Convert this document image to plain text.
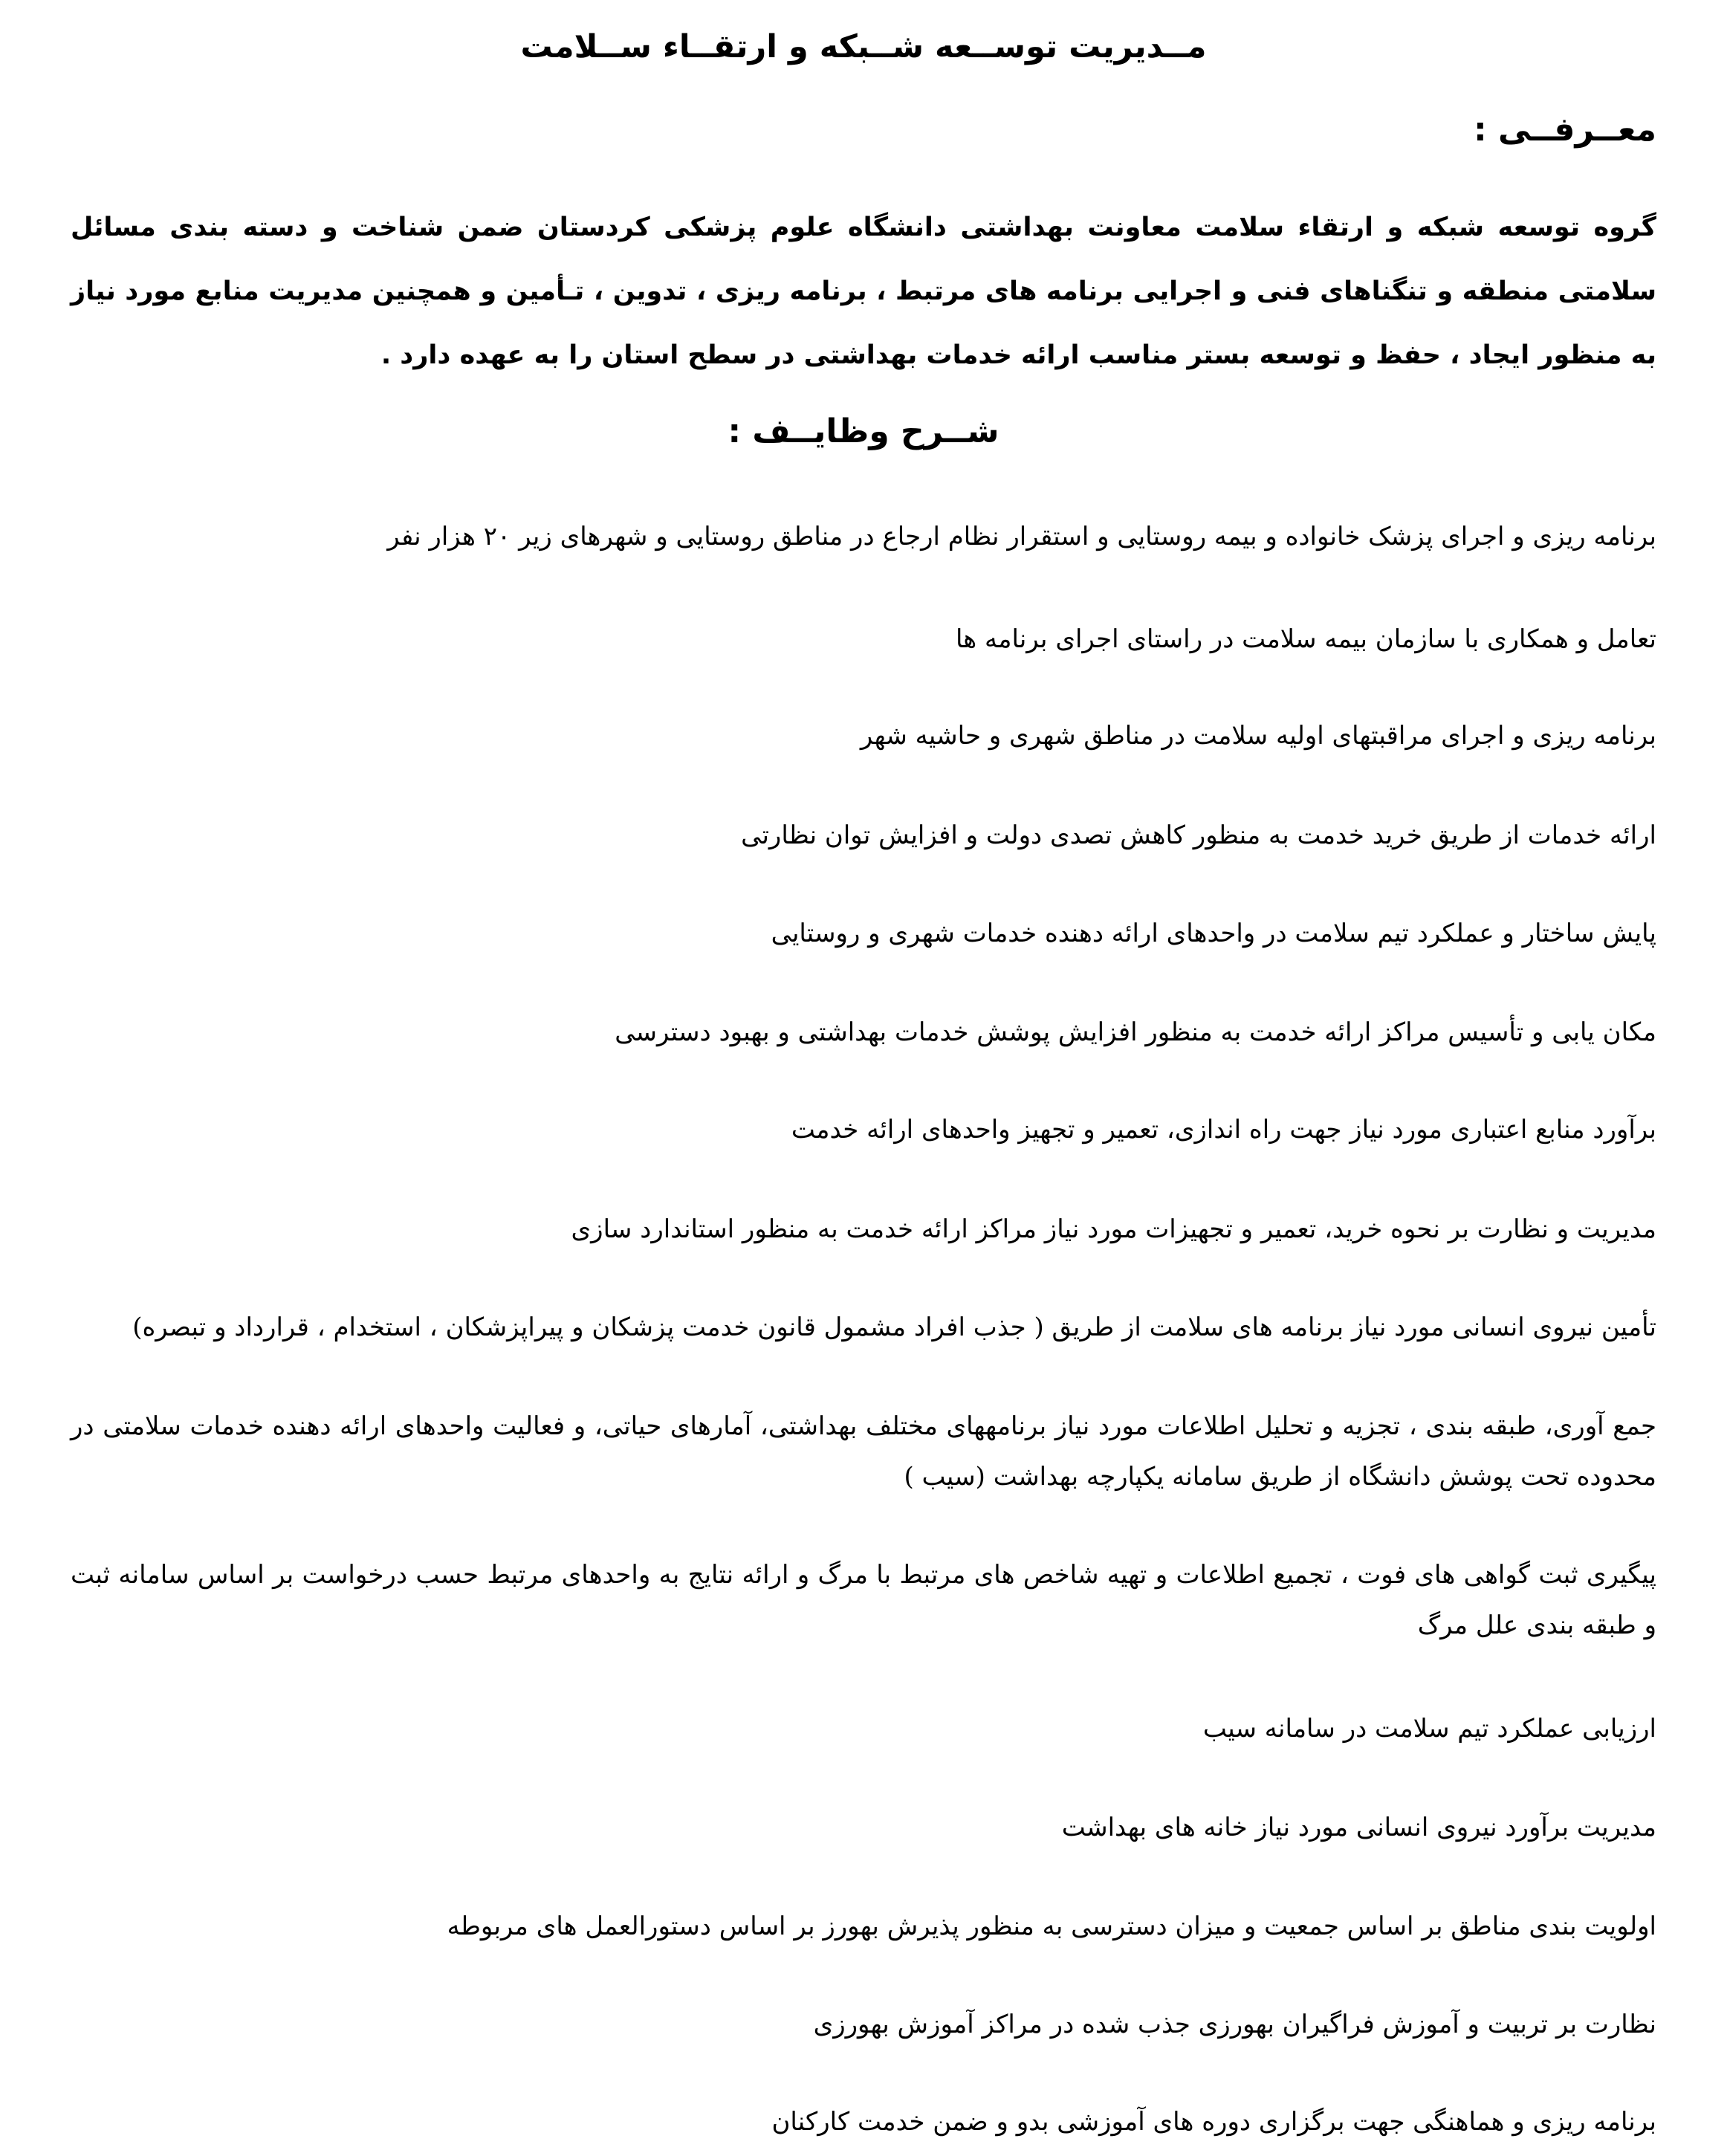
مــدیریت توســعه شــبکه و ارتقــاء ســلامت
معــرفــی :
گروه توسعه شبکه و ارتقاء سلامت معاونت بهداشتی دانشگاه علوم پزشکی کردستان ضمن شناخت و دسته بندی مسائل سلامتی منطقه و تنگناهای فنی و اجرایی برنامه های مرتبط ، برنامه ریزی ، تدوین ، تـأمین و همچنین مدیریت منابع مورد نیاز به منظور ایجاد ، حفظ و توسعه بستر مناسب ارائه خدمات بهداشتی در سطح استان را به عهده دارد .
شــرح وظایــف :
برنامه ریزی و اجرای پزشک خانواده و بیمه روستایی و استقرار نظام ارجاع در مناطق روستایی و شهرهای زیر ۲۰ هزار نفر
تعامل و همکاری با سازمان بیمه سلامت در راستای اجرای برنامه ها
برنامه ریزی و اجرای مراقبتهای اولیه سلامت در مناطق شهری و حاشیه شهر
ارائه خدمات از طریق خرید خدمت به منظور کاهش تصدی دولت و افزایش توان نظارتی
پایش ساختار و عملکرد تیم سلامت در واحدهای ارائه دهنده خدمات شهری و روستایی
مکان یابی و تأسیس مراکز ارائه خدمت به منظور افزایش پوشش خدمات بهداشتی و بهبود دسترسی
برآورد منابع اعتباری مورد نیاز جهت راه اندازی، تعمیر و تجهیز واحدهای ارائه خدمت
مدیریت و نظارت بر نحوه خرید، تعمیر و تجهیزات مورد نیاز مراکز ارائه خدمت به منظور استاندارد سازی
تأمین نیروی انسانی مورد نیاز برنامه های سلامت از طریق ( جذب افراد مشمول قانون خدمت پزشکان و پیراپزشکان ، استخدام ، قرارداد و تبصره)
جمع آوری، طبقه بندی ، تجزیه و تحلیل اطلاعات مورد نیاز برنامههای مختلف بهداشتی، آمارهای حیاتی، و فعالیت واحدهای ارائه دهنده خدمات سلامتی در محدوده تحت پوشش دانشگاه از طریق سامانه یکپارچه بهداشت (سیب )
پیگیری ثبت گواهی های فوت ، تجمیع اطلاعات و تهیه شاخص های مرتبط با مرگ و ارائه نتایج به واحدهای مرتبط حسب درخواست بر اساس سامانه ثبت و طبقه بندی علل مرگ
ارزیابی عملکرد تیم سلامت در سامانه سیب
مدیریت برآورد نیروی انسانی مورد نیاز خانه های بهداشت
اولویت بندی مناطق بر اساس جمعیت و میزان دسترسی به منظور پذیرش بهورز بر اساس دستورالعمل های مربوطه
نظارت بر تربیت و آموزش فراگیران بهورزی جذب شده در مراکز آموزش بهورزی
برنامه ریزی و هماهنگی جهت برگزاری دوره های آموزشی بدو و ضمن خدمت کارکنان
